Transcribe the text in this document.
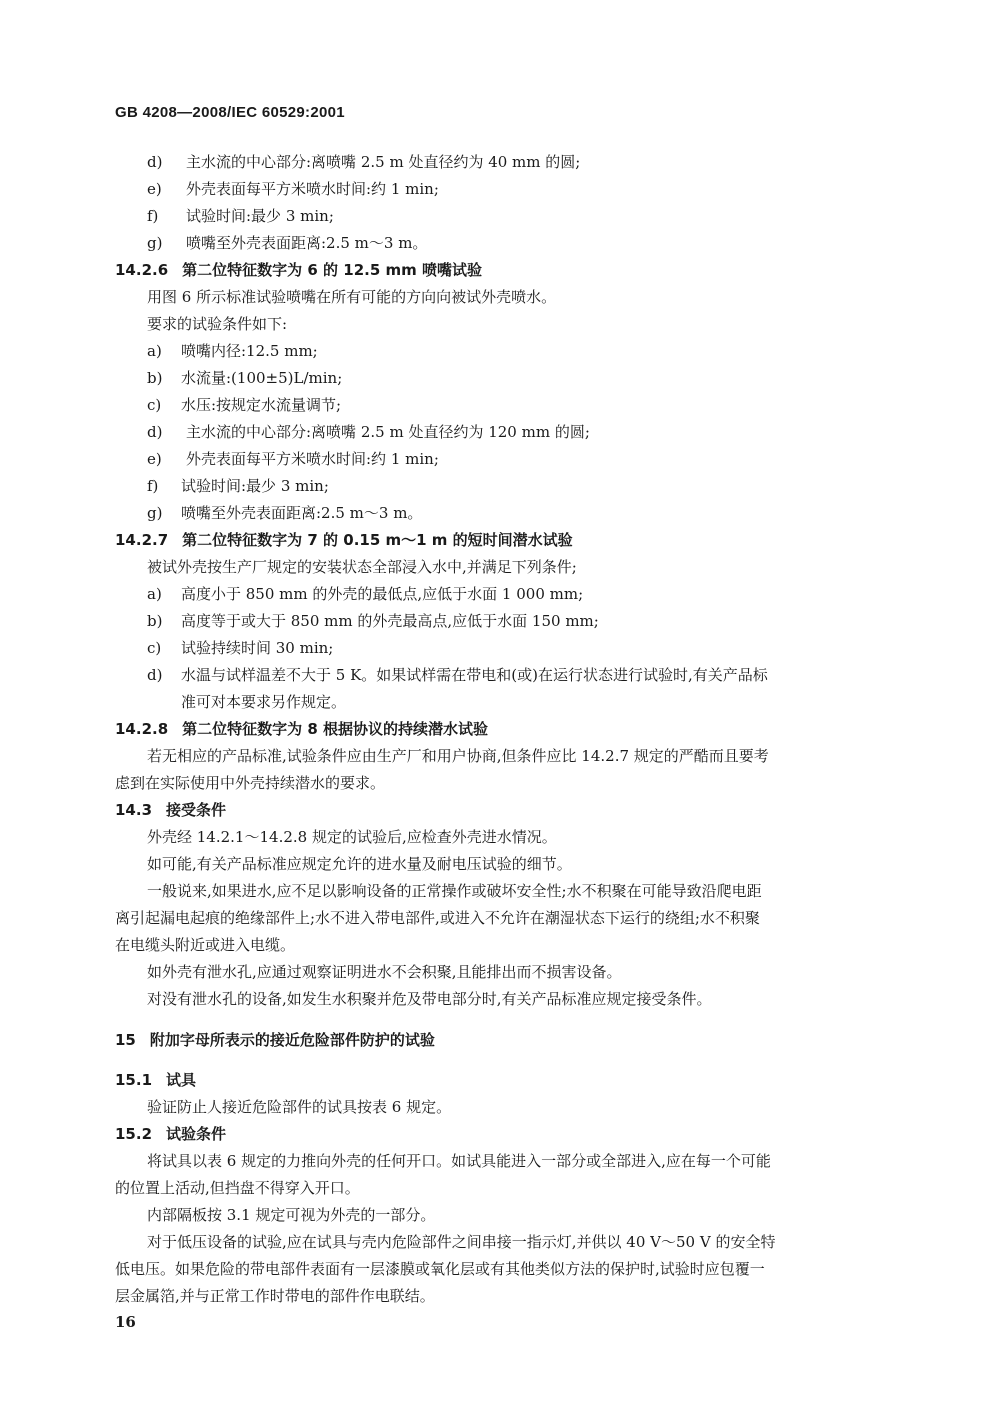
GB 4208—2008/IEC 60529:2001
d) 主水流的中心部分:离喷嘴 2.5 m 处直径约为 40 mm 的圆;
e) 外壳表面每平方米喷水时间:约 1 min;
f) 试验时间:最少 3 min;
g) 喷嘴至外壳表面距离:2.5 m～3 m。
14.2.6 第二位特征数字为 6 的 12.5 mm 喷嘴试验
用图 6 所示标准试验喷嘴在所有可能的方向向被试外壳喷水。
要求的试验条件如下:
a) 喷嘴内径:12.5 mm;
b) 水流量:(100±5)L/min;
c) 水压:按规定水流量调节;
d) 主水流的中心部分:离喷嘴 2.5 m 处直径约为 120 mm 的圆;
e) 外壳表面每平方米喷水时间:约 1 min;
f) 试验时间:最少 3 min;
g) 喷嘴至外壳表面距离:2.5 m～3 m。
14.2.7 第二位特征数字为 7 的 0.15 m～1 m 的短时间潜水试验
被试外壳按生产厂规定的安装状态全部浸入水中,并满足下列条件;
a) 高度小于 850 mm 的外壳的最低点,应低于水面 1 000 mm;
b) 高度等于或大于 850 mm 的外壳最高点,应低于水面 150 mm;
c) 试验持续时间 30 min;
d) 水温与试样温差不大于 5 K。如果试样需在带电和(或)在运行状态进行试验时,有关产品标
准可对本要求另作规定。
14.2.8 第二位特征数字为 8 根据协议的持续潜水试验
若无相应的产品标准,试验条件应由生产厂和用户协商,但条件应比 14.2.7 规定的严酷而且要考
虑到在实际使用中外壳持续潜水的要求。
14.3 接受条件
外壳经 14.2.1～14.2.8 规定的试验后,应检查外壳进水情况。
如可能,有关产品标准应规定允许的进水量及耐电压试验的细节。
一般说来,如果进水,应不足以影响设备的正常操作或破坏安全性;水不积聚在可能导致沿爬电距
离引起漏电起痕的绝缘部件上;水不进入带电部件,或进入不允许在潮湿状态下运行的绕组;水不积聚
在电缆头附近或进入电缆。
如外壳有泄水孔,应通过观察证明进水不会积聚,且能排出而不损害设备。
对没有泄水孔的设备,如发生水积聚并危及带电部分时,有关产品标准应规定接受条件。
15 附加字母所表示的接近危险部件防护的试验
15.1 试具
验证防止人接近危险部件的试具按表 6 规定。
15.2 试验条件
将试具以表 6 规定的力推向外壳的任何开口。如试具能进入一部分或全部进入,应在每一个可能
的位置上活动,但挡盘不得穿入开口。
内部隔板按 3.1 规定可视为外壳的一部分。
对于低压设备的试验,应在试具与壳内危险部件之间串接一指示灯,并供以 40 V～50 V 的安全特
低电压。如果危险的带电部件表面有一层漆膜或氧化层或有其他类似方法的保护时,试验时应包覆一
层金属箔,并与正常工作时带电的部件作电联结。
16
